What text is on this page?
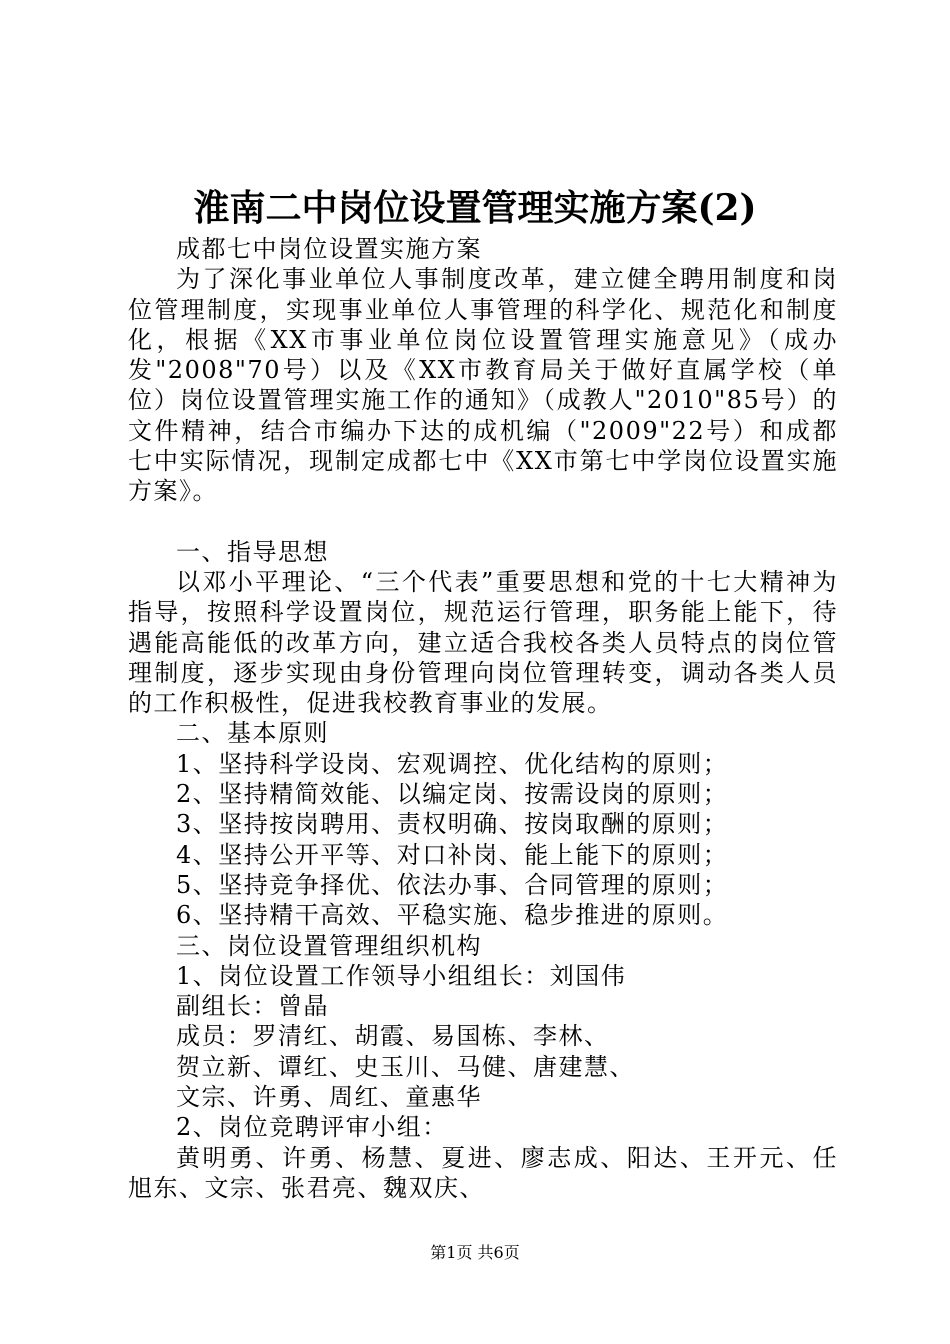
淮南二中岗位设置管理实施方案(2)

成都七中岗位设置实施方案

为了深化事业单位人事制度改革，建立健全聘用制度和岗位管理制度，实现事业单位人事管理的科学化、规范化和制度化，根据《XX市事业单位岗位设置管理实施意见》（成办发"2008"70号）以及《XX市教育局关于做好直属学校（单位）岗位设置管理实施工作的通知》（成教人"2010"85号）的文件精神，结合市编办下达的成机编（"2009"22号）和成都七中实际情况，现制定成都七中《XX市第七中学岗位设置实施方案》。

一、指导思想

以邓小平理论、“三个代表”重要思想和党的十七大精神为指导，按照科学设置岗位，规范运行管理，职务能上能下，待遇能高能低的改革方向，建立适合我校各类人员特点的岗位管理制度，逐步实现由身份管理向岗位管理转变，调动各类人员的工作积极性，促进我校教育事业的发展。

二、基本原则

1、坚持科学设岗、宏观调控、优化结构的原则；

2、坚持精简效能、以编定岗、按需设岗的原则；

3、坚持按岗聘用、责权明确、按岗取酬的原则；

4、坚持公开平等、对口补岗、能上能下的原则；

5、坚持竞争择优、依法办事、合同管理的原则；

6、坚持精干高效、平稳实施、稳步推进的原则。

三、岗位设置管理组织机构

1、岗位设置工作领导小组组长：刘国伟

副组长：曾晶

成员：罗清红、胡霞、易国栋、李林、

贺立新、谭红、史玉川、马健、唐建慧、

文宗、许勇、周红、童惠华

2、岗位竞聘评审小组：

黄明勇、许勇、杨慧、夏进、廖志成、阳达、王开元、任旭东、文宗、张君亮、魏双庆、

第1页 共6页
